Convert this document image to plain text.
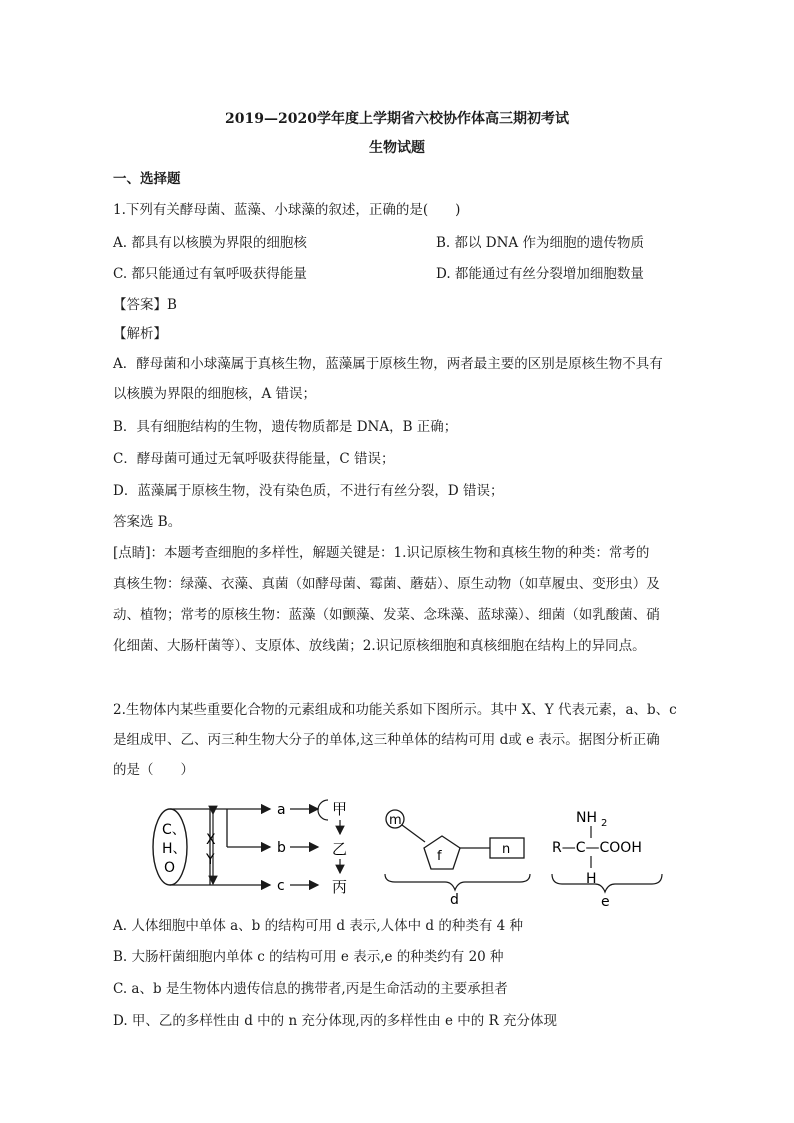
2019—2020学年度上学期省六校协作体高三期初考试
生物试题
一、选择题
1.下列有关酵母菌、蓝藻、小球藻的叙述，正确的是(　　)
A. 都具有以核膜为界限的细胞核	B. 都以 DNA 作为细胞的遗传物质
C. 都只能通过有氧呼吸获得能量	D. 都能通过有丝分裂增加细胞数量
【答案】B
【解析】
A．酵母菌和小球藻属于真核生物，蓝藻属于原核生物，两者最主要的区别是原核生物不具有
以核膜为界限的细胞核，A 错误；
B．具有细胞结构的生物，遗传物质都是 DNA，B 正确；
C．酵母菌可通过无氧呼吸获得能量，C 错误；
D．蓝藻属于原核生物，没有染色质，不进行有丝分裂，D 错误；
答案选 B。
[点睛]：本题考查细胞的多样性，解题关键是：1.识记原核生物和真核生物的种类：常考的
真核生物：绿藻、衣藻、真菌（如酵母菌、霉菌、蘑菇）、原生动物（如草履虫、变形虫）及
动、植物；常考的原核生物：蓝藻（如颤藻、发菜、念珠藻、蓝球藻）、细菌（如乳酸菌、硝
化细菌、大肠杆菌等）、支原体、放线菌；2.识记原核细胞和真核细胞在结构上的异同点。
2.生物体内某些重要化合物的元素组成和功能关系如下图所示。其中 X、Y 代表元素，a、b、c
是组成甲、乙、丙三种生物大分子的单体,这三种单体的结构可用 d或 e 表示。据图分析正确
的是（　　）
C、
H、
O
X
Y
a
b
c
甲
乙
丙
m
f	n
d
NH 2
R—C—COOH
H
e
A. 人体细胞中单体 a、b 的结构可用 d 表示,人体中 d 的种类有 4 种
B. 大肠杆菌细胞内单体 c 的结构可用 e 表示,e 的种类约有 20 种
C. a、b 是生物体内遗传信息的携带者,丙是生命活动的主要承担者
D. 甲、乙的多样性由 d 中的 n 充分体现,丙的多样性由 e 中的 R 充分体现
